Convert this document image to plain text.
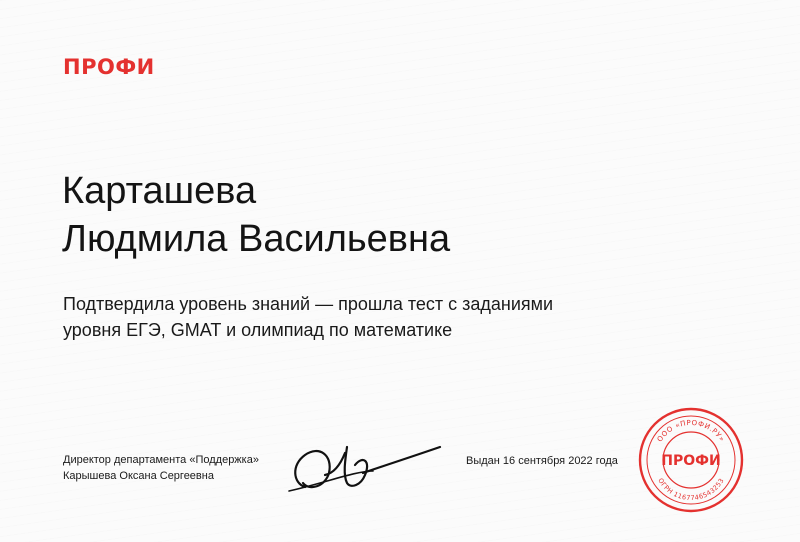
ПРОФИ
Карташева
Людмила Васильевна
Подтвердила уровень знаний — прошла тест с заданиями
уровня ЕГЭ, GMAT и олимпиад по математике
Директор департамента «Поддержка»
Карышева Оксана Сергеевна
Выдан 16 сентября 2022 года
ООО «ПРОФИ.РУ»
ОГРН 1167746543253
ПРОФИ
